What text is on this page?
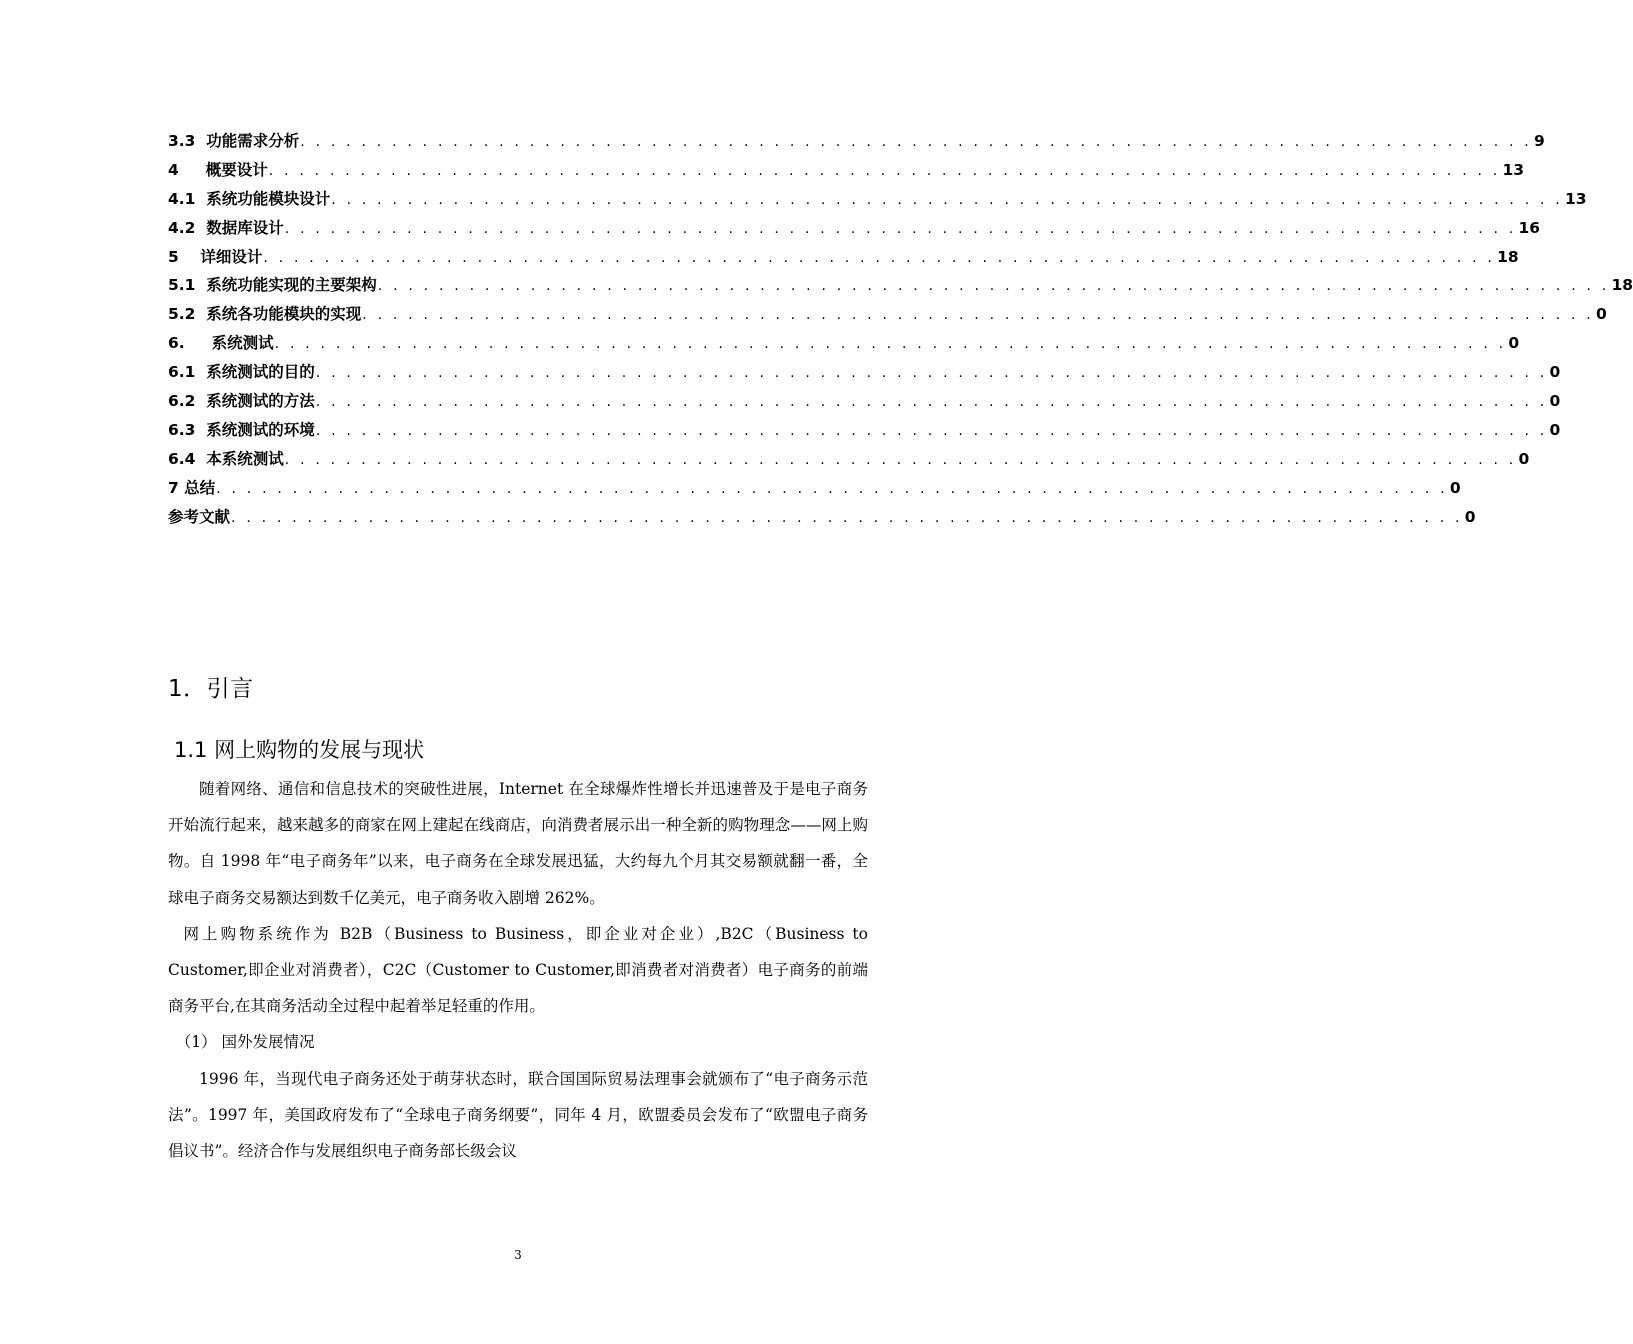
3.3  功能需求分析 . . . . . . . . . . . . . . . . . . . . . . . . . . . . . . . . . . . . . . . . . . . . . . . . . . . . . . . . . . . . . . . . . . . . . . . . . . . . . . . . . 9
4     概要设计 . . . . . . . . . . . . . . . . . . . . . . . . . . . . . . . . . . . . . . . . . . . . . . . . . . . . . . . . . . . . . . . . . . . . . . . . . . . . . . . . . 13
4.1  系统功能模块设计 . . . . . . . . . . . . . . . . . . . . . . . . . . . . . . . . . . . . . . . . . . . . . . . . . . . . . . . . . . . . . . . . . . . . . . . . . . . . . . . . . 13
4.2  数据库设计 . . . . . . . . . . . . . . . . . . . . . . . . . . . . . . . . . . . . . . . . . . . . . . . . . . . . . . . . . . . . . . . . . . . . . . . . . . . . . . . . . 16
5    详细设计 . . . . . . . . . . . . . . . . . . . . . . . . . . . . . . . . . . . . . . . . . . . . . . . . . . . . . . . . . . . . . . . . . . . . . . . . . . . . . . . . . 18
5.1  系统功能实现的主要架构 . . . . . . . . . . . . . . . . . . . . . . . . . . . . . . . . . . . . . . . . . . . . . . . . . . . . . . . . . . . . . . . . . . . . . . . . . . . . . . . . . 18
5.2  系统各功能模块的实现 . . . . . . . . . . . . . . . . . . . . . . . . . . . . . . . . . . . . . . . . . . . . . . . . . . . . . . . . . . . . . . . . . . . . . . . . . . . . . . . . . 0
6.     系统测试 . . . . . . . . . . . . . . . . . . . . . . . . . . . . . . . . . . . . . . . . . . . . . . . . . . . . . . . . . . . . . . . . . . . . . . . . . . . . . . . . . 0
6.1  系统测试的目的 . . . . . . . . . . . . . . . . . . . . . . . . . . . . . . . . . . . . . . . . . . . . . . . . . . . . . . . . . . . . . . . . . . . . . . . . . . . . . . . . . 0
6.2  系统测试的方法 . . . . . . . . . . . . . . . . . . . . . . . . . . . . . . . . . . . . . . . . . . . . . . . . . . . . . . . . . . . . . . . . . . . . . . . . . . . . . . . . . 0
6.3  系统测试的环境 . . . . . . . . . . . . . . . . . . . . . . . . . . . . . . . . . . . . . . . . . . . . . . . . . . . . . . . . . . . . . . . . . . . . . . . . . . . . . . . . . 0
6.4  本系统测试 . . . . . . . . . . . . . . . . . . . . . . . . . . . . . . . . . . . . . . . . . . . . . . . . . . . . . . . . . . . . . . . . . . . . . . . . . . . . . . . . . 0
7 总结 . . . . . . . . . . . . . . . . . . . . . . . . . . . . . . . . . . . . . . . . . . . . . . . . . . . . . . . . . . . . . . . . . . . . . . . . . . . . . . . . . 0
参考文献 . . . . . . . . . . . . . . . . . . . . . . . . . . . . . . . . . . . . . . . . . . . . . . . . . . . . . . . . . . . . . . . . . . . . . . . . . . . . . . . . . 0
1．引言
1.1 网上购物的发展与现状

随着网络、通信和信息技术的突破性进展，Internet 在全球爆炸性增长并迅速普及于是电子商务开始流行起来，越来越多的商家在网上建起在线商店，向消费者展示出一种全新的购物理念——网上购物。自 1998 年“电子商务年”以来，电子商务在全球发展迅猛，大约每九个月其交易额就翻一番，全球电子商务交易额达到数千亿美元，电子商务收入剧增 262%。

网上购物系统作为 B2B（Business to Business，即企业对企业）,B2C（Business to Customer,即企业对消费者），C2C（Customer to Customer,即消费者对消费者）电子商务的前端商务平台,在其商务活动全过程中起着举足轻重的作用。

（1） 国外发展情况

1996 年，当现代电子商务还处于萌芽状态时，联合国国际贸易法理事会就颁布了“电子商务示范法”。1997 年，美国政府发布了“全球电子商务纲要”，同年 4 月，欧盟委员会发布了“欧盟电子商务倡议书”。经济合作与发展组织电子商务部长级会议

3
